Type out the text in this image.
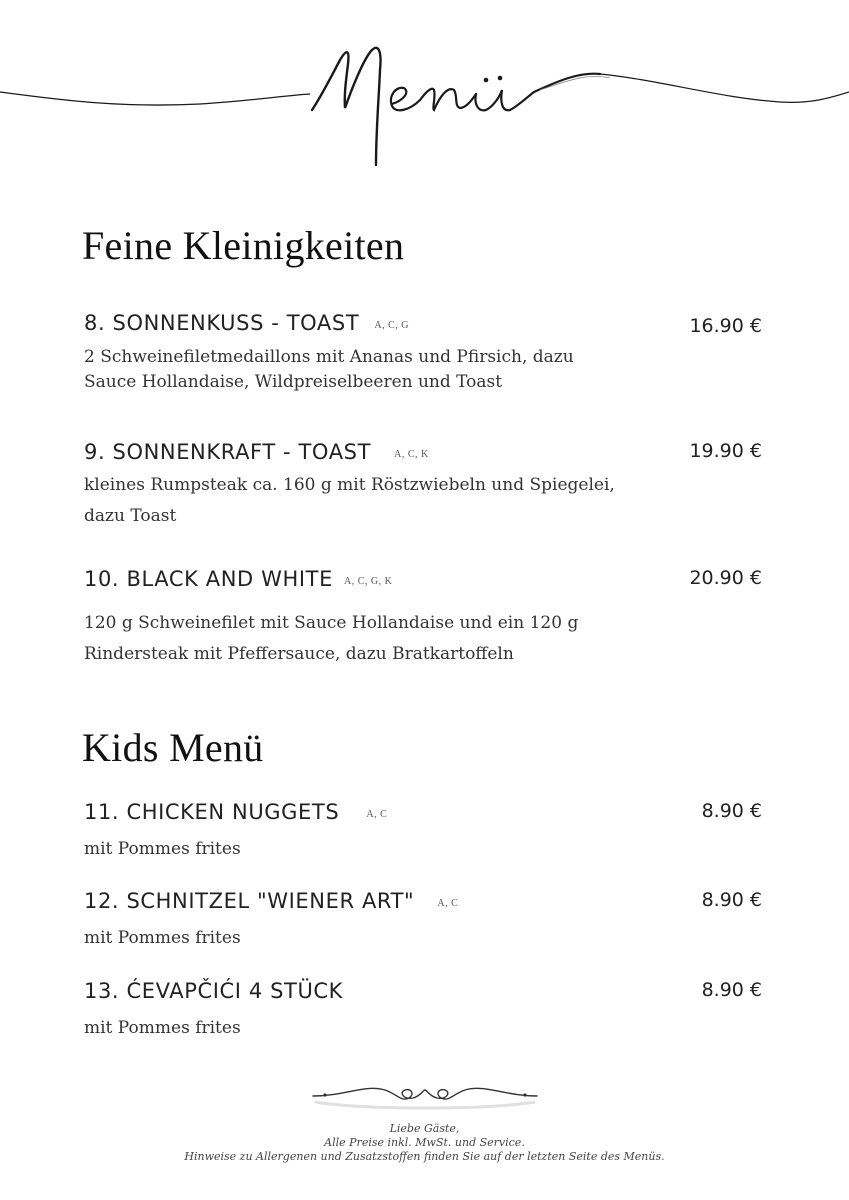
Feine Kleinigkeiten
8. SONNENKUSS - TOAST A, C, G	16.90 €
2 Schweinefiletmedaillons mit Ananas und Pfirsich, dazu
Sauce Hollandaise, Wildpreiselbeeren und Toast
9. SONNENKRAFT - TOAST A, C, K	19.90 €
kleines Rumpsteak ca. 160 g mit Röstzwiebeln und Spiegelei,
dazu Toast
10. BLACK AND WHITE A, C, G, K	20.90 €
120 g Schweinefilet mit Sauce Hollandaise und ein 120 g
Rindersteak mit Pfeffersauce, dazu Bratkartoffeln
Kids Menü
11. CHICKEN NUGGETS	A, C	8.90 €
mit Pommes frites
12. SCHNITZEL "WIENER ART" A, C	8.90 €
mit Pommes frites
13. ĆEVAPČIĆI 4 STÜCK	8.90 €
mit Pommes frites
Liebe Gäste,
Alle Preise inkl. MwSt. und Service.
Hinweise zu Allergenen und Zusatzstoffen finden Sie auf der letzten Seite des Menüs.
